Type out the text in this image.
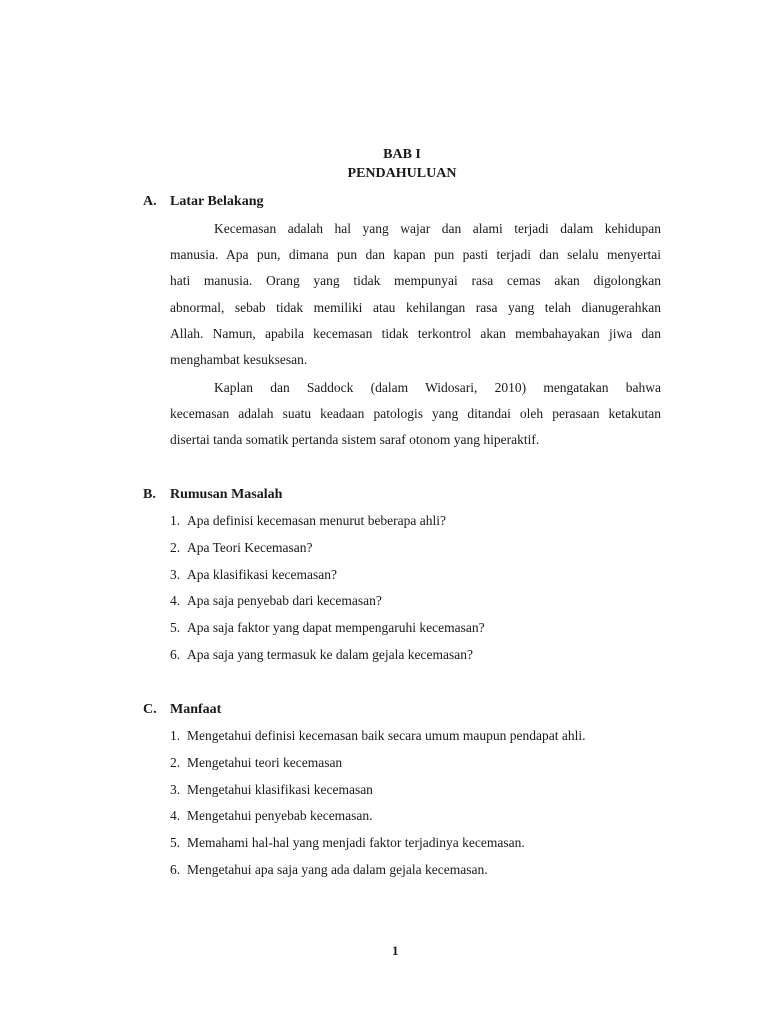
BAB I
PENDAHULUAN
A. Latar Belakang
Kecemasan adalah hal yang wajar dan alami terjadi dalam kehidupan
manusia. Apa pun, dimana pun dan kapan pun pasti terjadi dan selalu menyertai
hati manusia. Orang yang tidak mempunyai rasa cemas akan digolongkan
abnormal, sebab tidak memiliki atau kehilangan rasa yang telah dianugerahkan
Allah. Namun, apabila kecemasan tidak terkontrol akan membahayakan jiwa dan
menghambat kesuksesan.
Kaplan dan Saddock (dalam Widosari, 2010) mengatakan bahwa
kecemasan adalah suatu keadaan patologis yang ditandai oleh perasaan ketakutan
disertai tanda somatik pertanda sistem saraf otonom yang hiperaktif.
B. Rumusan Masalah
1. Apa definisi kecemasan menurut beberapa ahli?
2. Apa Teori Kecemasan?
3. Apa klasifikasi kecemasan?
4. Apa saja penyebab dari kecemasan?
5. Apa saja faktor yang dapat mempengaruhi kecemasan?
6. Apa saja yang termasuk ke dalam gejala kecemasan?
C. Manfaat
1. Mengetahui definisi kecemasan baik secara umum maupun pendapat ahli.
2. Mengetahui teori kecemasan
3. Mengetahui klasifikasi kecemasan
4. Mengetahui penyebab kecemasan.
5. Memahami hal-hal yang menjadi faktor terjadinya kecemasan.
6. Mengetahui apa saja yang ada dalam gejala kecemasan.
1
